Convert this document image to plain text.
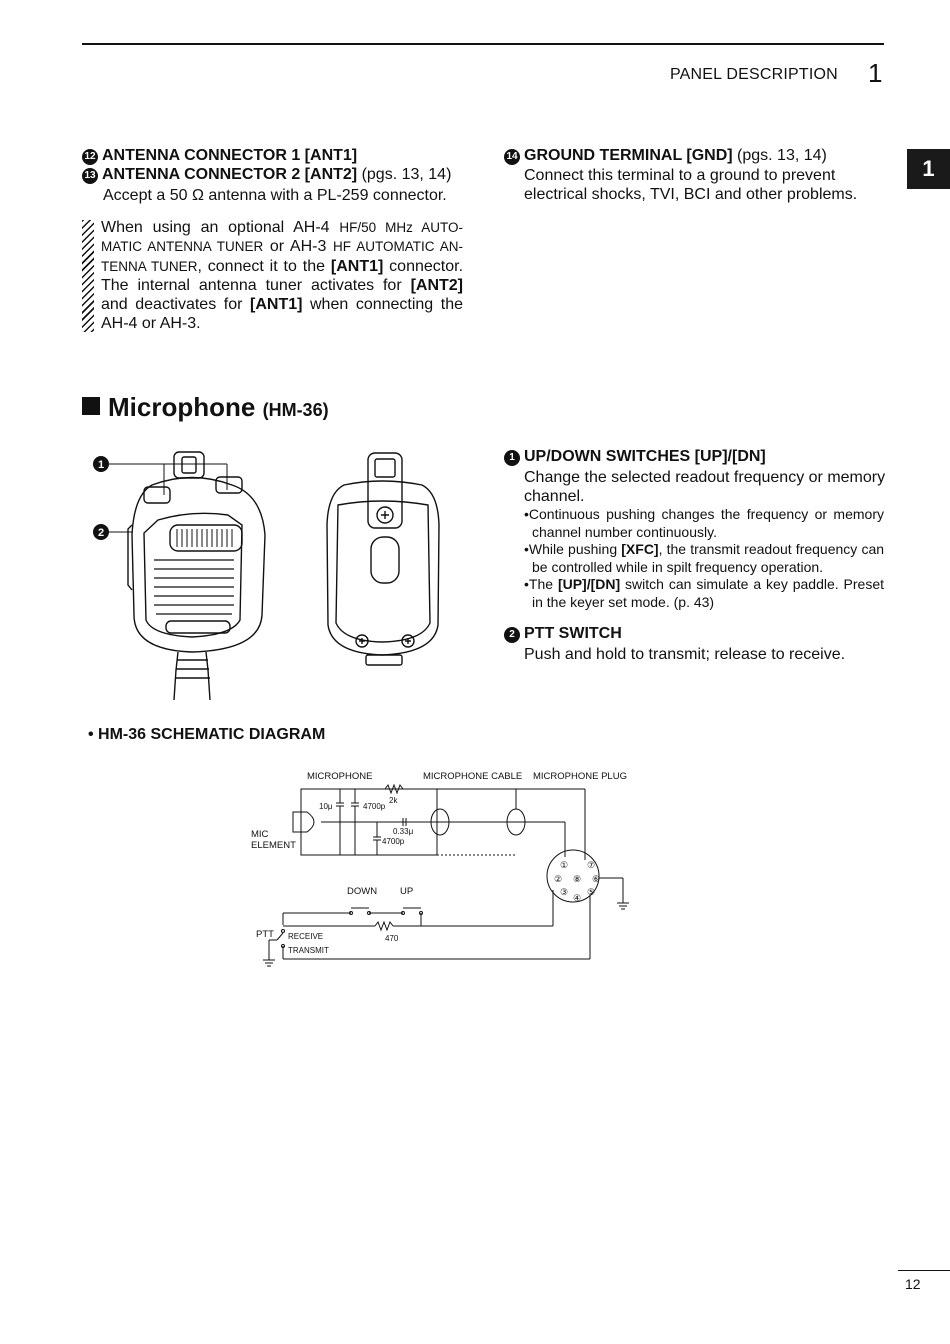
PANEL DESCRIPTION 1
1
12 ANTENNA CONNECTOR 1 [ANT1]
13 ANTENNA CONNECTOR 2 [ANT2] (pgs. 13, 14)
Accept a 50 Ω antenna with a PL-259 connector.
When using an optional AH-4 HF/50 MHz AUTO-MATIC ANTENNA TUNER or AH-3 HF AUTOMATIC AN-TENNA TUNER, connect it to the [ANT1] connector. The internal antenna tuner activates for [ANT2] and deactivates for [ANT1] when connecting the AH-4 or AH-3.
14 GROUND TERMINAL [GND] (pgs. 13, 14)
Connect this terminal to a ground to prevent electrical shocks, TVI, BCI and other problems.
Microphone (HM-36)
1
2
1 UP/DOWN SWITCHES [UP]/[DN]
Change the selected readout frequency or memory channel.
•Continuous pushing changes the frequency or memory channel number continuously.
•While pushing [XFC], the transmit readout frequency can be controlled while in spilt frequency operation.
•The [UP]/[DN] switch can simulate a key paddle. Preset in the keyer set mode. (p. 43)
2 PTT SWITCH
Push and hold to transmit; release to receive.
• HM-36 SCHEMATIC DIAGRAM
MICROPHONE	MICROPHONE CABLE MICROPHONE PLUG
MIC
ELEMENT
10μ	4700p
2k
0.33μ
4700p
DOWN UP
PTT RECEIVE
TRANSMIT
470
① ⑦
② ⑧ ⑥
③ ⑤
④
12
